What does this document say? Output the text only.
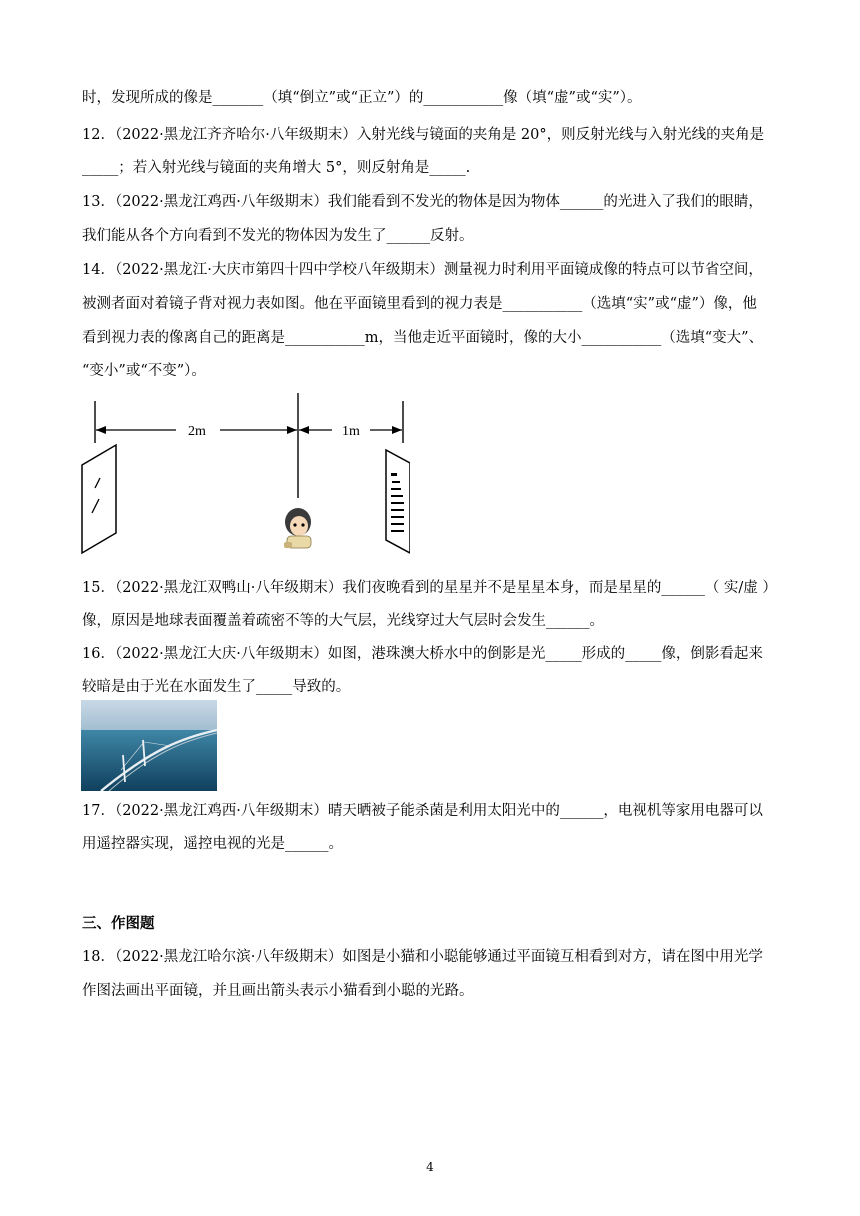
时，发现所成的像是_______（填“倒立”或“正立”）的___________像（填“虚”或“实”）。
12．（2022·黑龙江齐齐哈尔·八年级期末）入射光线与镜面的夹角是 20°，则反射光线与入射光线的夹角是
_____；若入射光线与镜面的夹角增大 5°，则反射角是_____.
13．（2022·黑龙江鸡西·八年级期末）我们能看到不发光的物体是因为物体______的光进入了我们的眼睛，
我们能从各个方向看到不发光的物体因为发生了______反射。
14．（2022·黑龙江·大庆市第四十四中学校八年级期末）测量视力时利用平面镜成像的特点可以节省空间，
被测者面对着镜子背对视力表如图。他在平面镜里看到的视力表是___________（选填“实”或“虚”）像，他
看到视力表的像离自己的距离是___________m，当他走近平面镜时，像的大小___________（选填“变大”、
“变小”或“不变”）。
2m	1m
15．（2022·黑龙江双鸭山·八年级期末）我们夜晚看到的星星并不是星星本身，而是星星的______（ 实/虚 ）
像，原因是地球表面覆盖着疏密不等的大气层，光线穿过大气层时会发生______。
16．（2022·黑龙江大庆·八年级期末）如图，港珠澳大桥水中的倒影是光_____形成的_____像，倒影看起来
较暗是由于光在水面发生了_____导致的。
17．（2022·黑龙江鸡西·八年级期末）晴天晒被子能杀菌是利用太阳光中的______，电视机等家用电器可以
用遥控器实现，遥控电视的光是______。
三、作图题
18．（2022·黑龙江哈尔滨·八年级期末）如图是小猫和小聪能够通过平面镜互相看到对方，请在图中用光学
作图法画出平面镜，并且画出箭头表示小猫看到小聪的光路。
4
